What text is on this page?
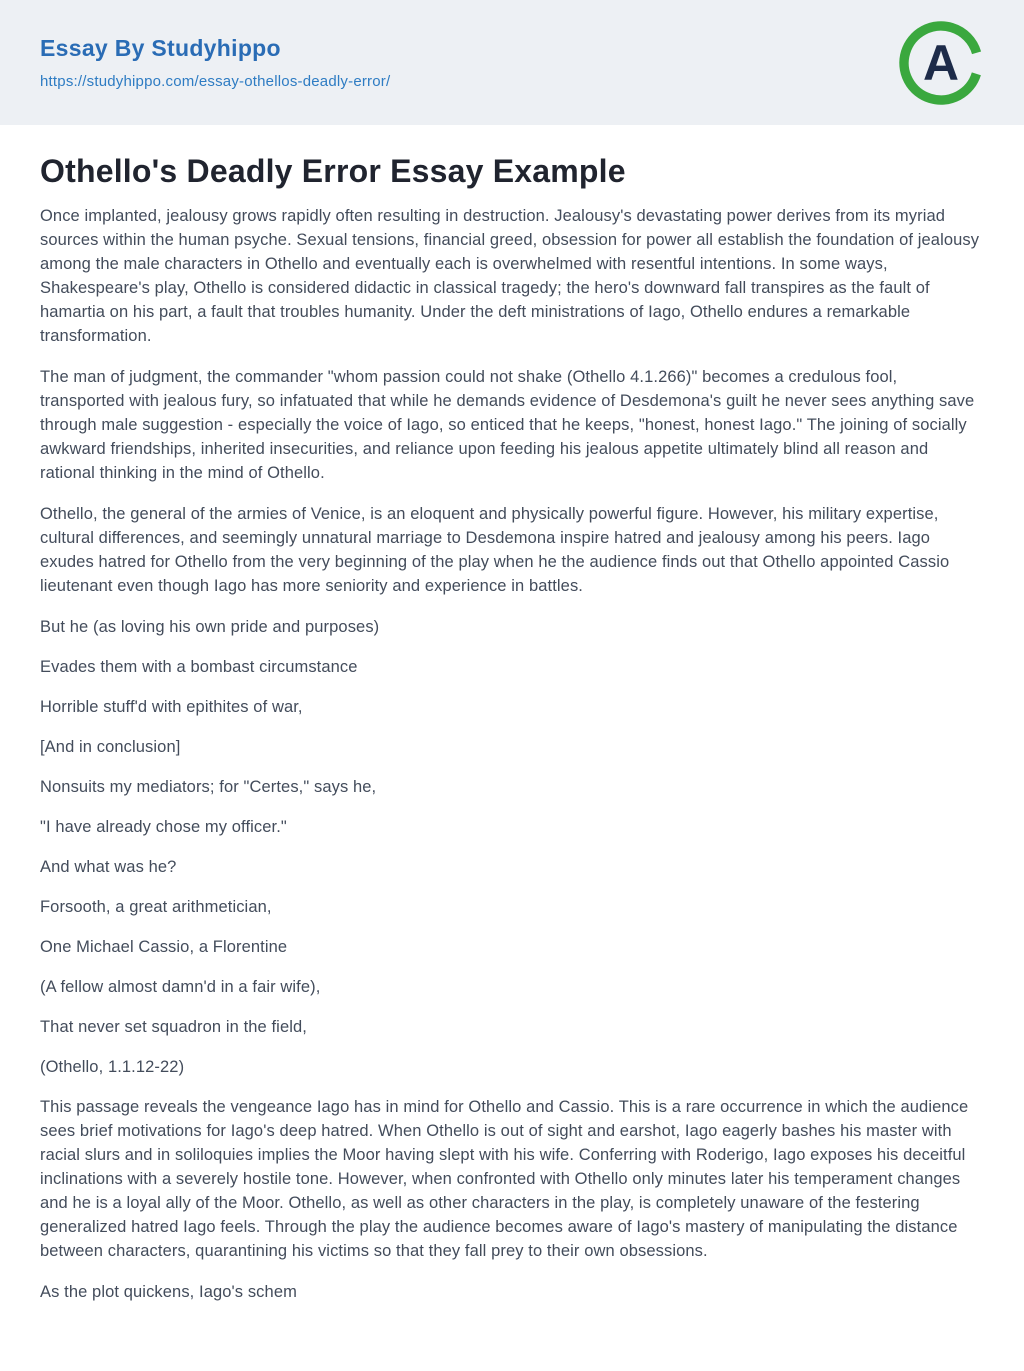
Essay By Studyhippo
https://studyhippo.com/essay-othellos-deadly-error/	A
Othello's Deadly Error Essay Example

Once implanted, jealousy grows rapidly often resulting in destruction. Jealousy's devastating power derives from its myriad sources within the human psyche. Sexual tensions, financial greed, obsession for power all establish the foundation of jealousy among the male characters in Othello and eventually each is overwhelmed with resentful intentions. In some ways, Shakespeare's play, Othello is considered didactic in classical tragedy; the hero's downward fall transpires as the fault of hamartia on his part, a fault that troubles humanity. Under the deft ministrations of Iago, Othello endures a remarkable transformation.

The man of judgment, the commander "whom passion could not shake (Othello 4.1.266)" becomes a credulous fool, transported with jealous fury, so infatuated that while he demands evidence of Desdemona's guilt he never sees anything save through male suggestion - especially the voice of Iago, so enticed that he keeps, "honest, honest Iago." The joining of socially awkward friendships, inherited insecurities, and reliance upon feeding his jealous appetite ultimately blind all reason and rational thinking in the mind of Othello.

Othello, the general of the armies of Venice, is an eloquent and physically powerful figure. However, his military expertise, cultural differences, and seemingly unnatural marriage to Desdemona inspire hatred and jealousy among his peers. Iago exudes hatred for Othello from the very beginning of the play when he the audience finds out that Othello appointed Cassio lieutenant even though Iago has more seniority and experience in battles.

But he (as loving his own pride and purposes)

Evades them with a bombast circumstance

Horrible stuff'd with epithites of war,

[And in conclusion]

Nonsuits my mediators; for "Certes," says he,

"I have already chose my officer."

And what was he?

Forsooth, a great arithmetician,

One Michael Cassio, a Florentine

(A fellow almost damn'd in a fair wife),

That never set squadron in the field,

(Othello, 1.1.12-22)

This passage reveals the vengeance Iago has in mind for Othello and Cassio. This is a rare occurrence in which the audience sees brief motivations for Iago's deep hatred. When Othello is out of sight and earshot, Iago eagerly bashes his master with racial slurs and in soliloquies implies the Moor having slept with his wife. Conferring with Roderigo, Iago exposes his deceitful inclinations with a severely hostile tone. However, when confronted with Othello only minutes later his temperament changes and he is a loyal ally of the Moor. Othello, as well as other characters in the play, is completely unaware of the festering generalized hatred Iago feels. Through the play the audience becomes aware of Iago's mastery of manipulating the distance between characters, quarantining his victims so that they fall prey to their own obsessions.

As the plot quickens, Iago's schem
